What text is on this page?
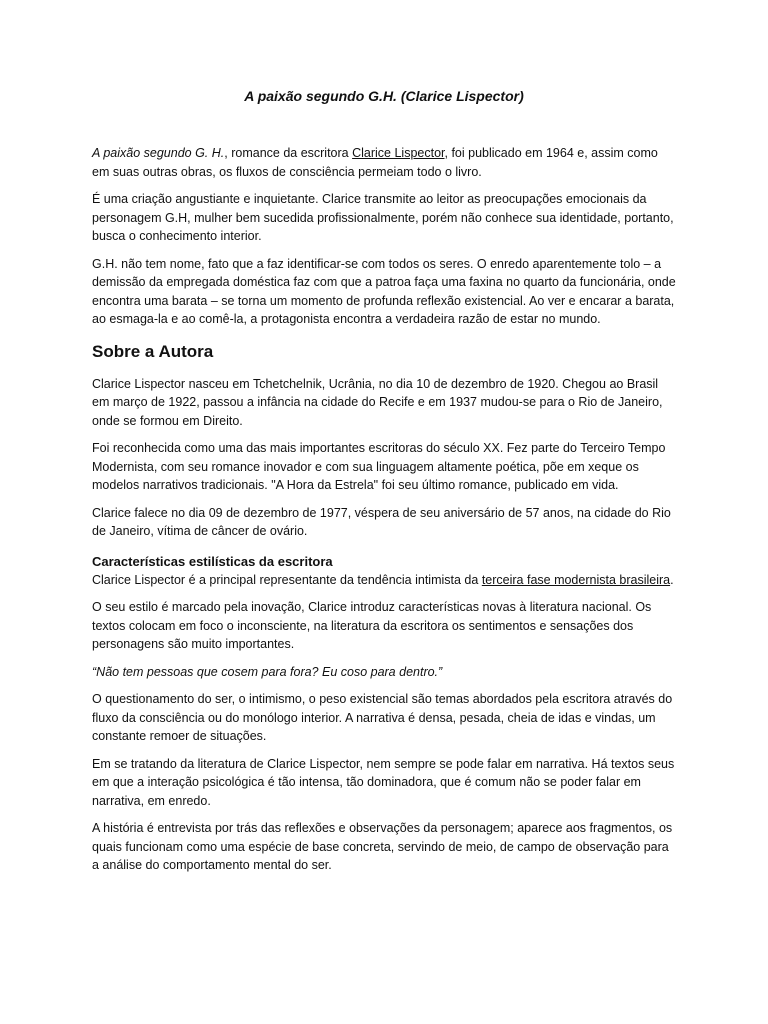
A paixão segundo G.H. (Clarice Lispector)

A paixão segundo G. H., romance da escritora Clarice Lispector, foi publicado em 1964 e, assim como em suas outras obras, os fluxos de consciência permeiam todo o livro.

É uma criação angustiante e inquietante. Clarice transmite ao leitor as preocupações emocionais da personagem G.H, mulher bem sucedida profissionalmente, porém não conhece sua identidade, portanto, busca o conhecimento interior.

G.H. não tem nome, fato que a faz identificar-se com todos os seres. O enredo aparentemente tolo – a demissão da empregada doméstica faz com que a patroa faça uma faxina no quarto da funcionária, onde encontra uma barata – se torna um momento de profunda reflexão existencial. Ao ver e encarar a barata, ao esmaga-la e ao comê-la, a protagonista encontra a verdadeira razão de estar no mundo.

Sobre a Autora

Clarice Lispector nasceu em Tchetchelnik, Ucrânia, no dia 10 de dezembro de 1920. Chegou ao Brasil em março de 1922, passou a infância na cidade do Recife e em 1937 mudou-se para o Rio de Janeiro, onde se formou em Direito.

Foi reconhecida como uma das mais importantes escritoras do século XX. Fez parte do Terceiro Tempo Modernista, com seu romance inovador e com sua linguagem altamente poética, põe em xeque os modelos narrativos tradicionais. "A Hora da Estrela" foi seu último romance, publicado em vida.

Clarice falece no dia 09 de dezembro de 1977, véspera de seu aniversário de 57 anos, na cidade do Rio de Janeiro, vítima de câncer de ovário.

Características estilísticas da escritora

Clarice Lispector é a principal representante da tendência intimista da terceira fase modernista brasileira.

O seu estilo é marcado pela inovação, Clarice introduz características novas à literatura nacional. Os textos colocam em foco o inconsciente, na literatura da escritora os sentimentos e sensações dos personagens são muito importantes.

“Não tem pessoas que cosem para fora? Eu coso para dentro.”

O questionamento do ser, o intimismo, o peso existencial são temas abordados pela escritora através do fluxo da consciência ou do monólogo interior. A narrativa é densa, pesada, cheia de idas e vindas, um constante remoer de situações.

Em se tratando da literatura de Clarice Lispector, nem sempre se pode falar em narrativa. Há textos seus em que a interação psicológica é tão intensa, tão dominadora, que é comum não se poder falar em narrativa, em enredo.

A história é entrevista por trás das reflexões e observações da personagem; aparece aos fragmentos, os quais funcionam como uma espécie de base concreta, servindo de meio, de campo de observação para a análise do comportamento mental do ser.
